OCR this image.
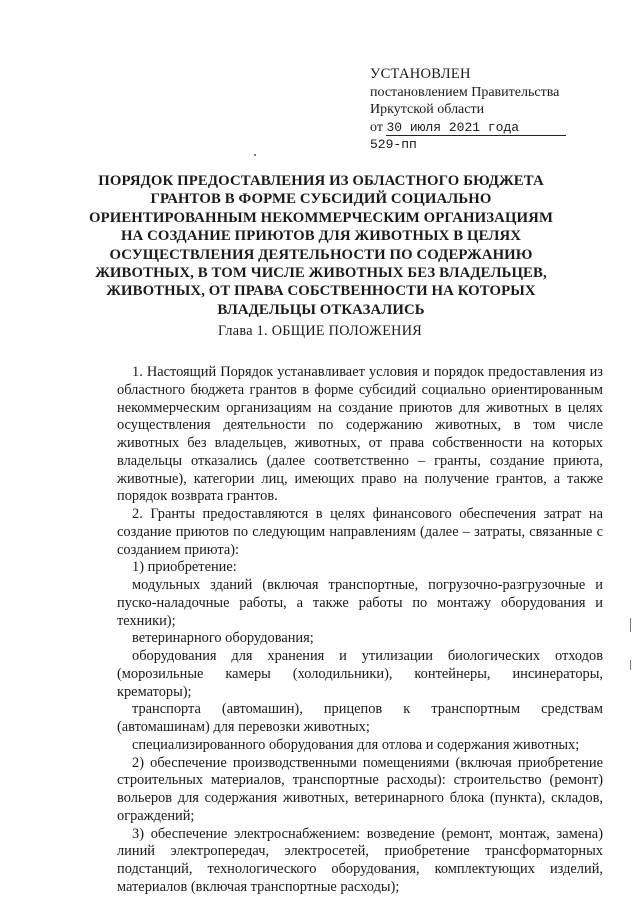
УСТАНОВЛЕН
постановлением Правительства
Иркутской области
от 30 июля 2021 года
529-пп
ПОРЯДОК ПРЕДОСТАВЛЕНИЯ ИЗ ОБЛАСТНОГО БЮДЖЕТА ГРАНТОВ В ФОРМЕ СУБСИДИЙ СОЦИАЛЬНО ОРИЕНТИРОВАННЫМ НЕКОММЕРЧЕСКИМ ОРГАНИЗАЦИЯМ НА СОЗДАНИЕ ПРИЮТОВ ДЛЯ ЖИВОТНЫХ В ЦЕЛЯХ ОСУЩЕСТВЛЕНИЯ ДЕЯТЕЛЬНОСТИ ПО СОДЕРЖАНИЮ ЖИВОТНЫХ, В ТОМ ЧИСЛЕ ЖИВОТНЫХ БЕЗ ВЛАДЕЛЬЦЕВ, ЖИВОТНЫХ, ОТ ПРАВА СОБСТВЕННОСТИ НА КОТОРЫХ ВЛАДЕЛЬЦЫ ОТКАЗАЛИСЬ
Глава 1. ОБЩИЕ ПОЛОЖЕНИЯ

1. Настоящий Порядок устанавливает условия и порядок предоставления из областного бюджета грантов в форме субсидий социально ориентированным некоммерческим организациям на создание приютов для животных в целях осуществления деятельности по содержанию животных, в том числе животных без владельцев, животных, от права собственности на которых владельцы отказались (далее соответственно – гранты, создание приюта, животные), категории лиц, имеющих право на получение грантов, а также порядок возврата грантов.

2. Гранты предоставляются в целях финансового обеспечения затрат на создание приютов по следующим направлениям (далее – затраты, связанные с созданием приюта):

1) приобретение:

модульных зданий (включая транспортные, погрузочно-разгрузочные и пуско-наладочные работы, а также работы по монтажу оборудования и техники);

ветеринарного оборудования;

оборудования для хранения и утилизации биологических отходов (морозильные камеры (холодильники), контейнеры, инсинераторы, крематоры);

транспорта (автомашин), прицепов к транспортным средствам (автомашинам) для перевозки животных;

специализированного оборудования для отлова и содержания животных;

2) обеспечение производственными помещениями (включая приобретение строительных материалов, транспортные расходы): строительство (ремонт) вольеров для содержания животных, ветеринарного блока (пункта), складов, ограждений;

3) обеспечение электроснабжением: возведение (ремонт, монтаж, замена) линий электропередач, электросетей, приобретение трансформаторных подстанций, технологического оборудования, комплектующих изделий, материалов (включая транспортные расходы);
